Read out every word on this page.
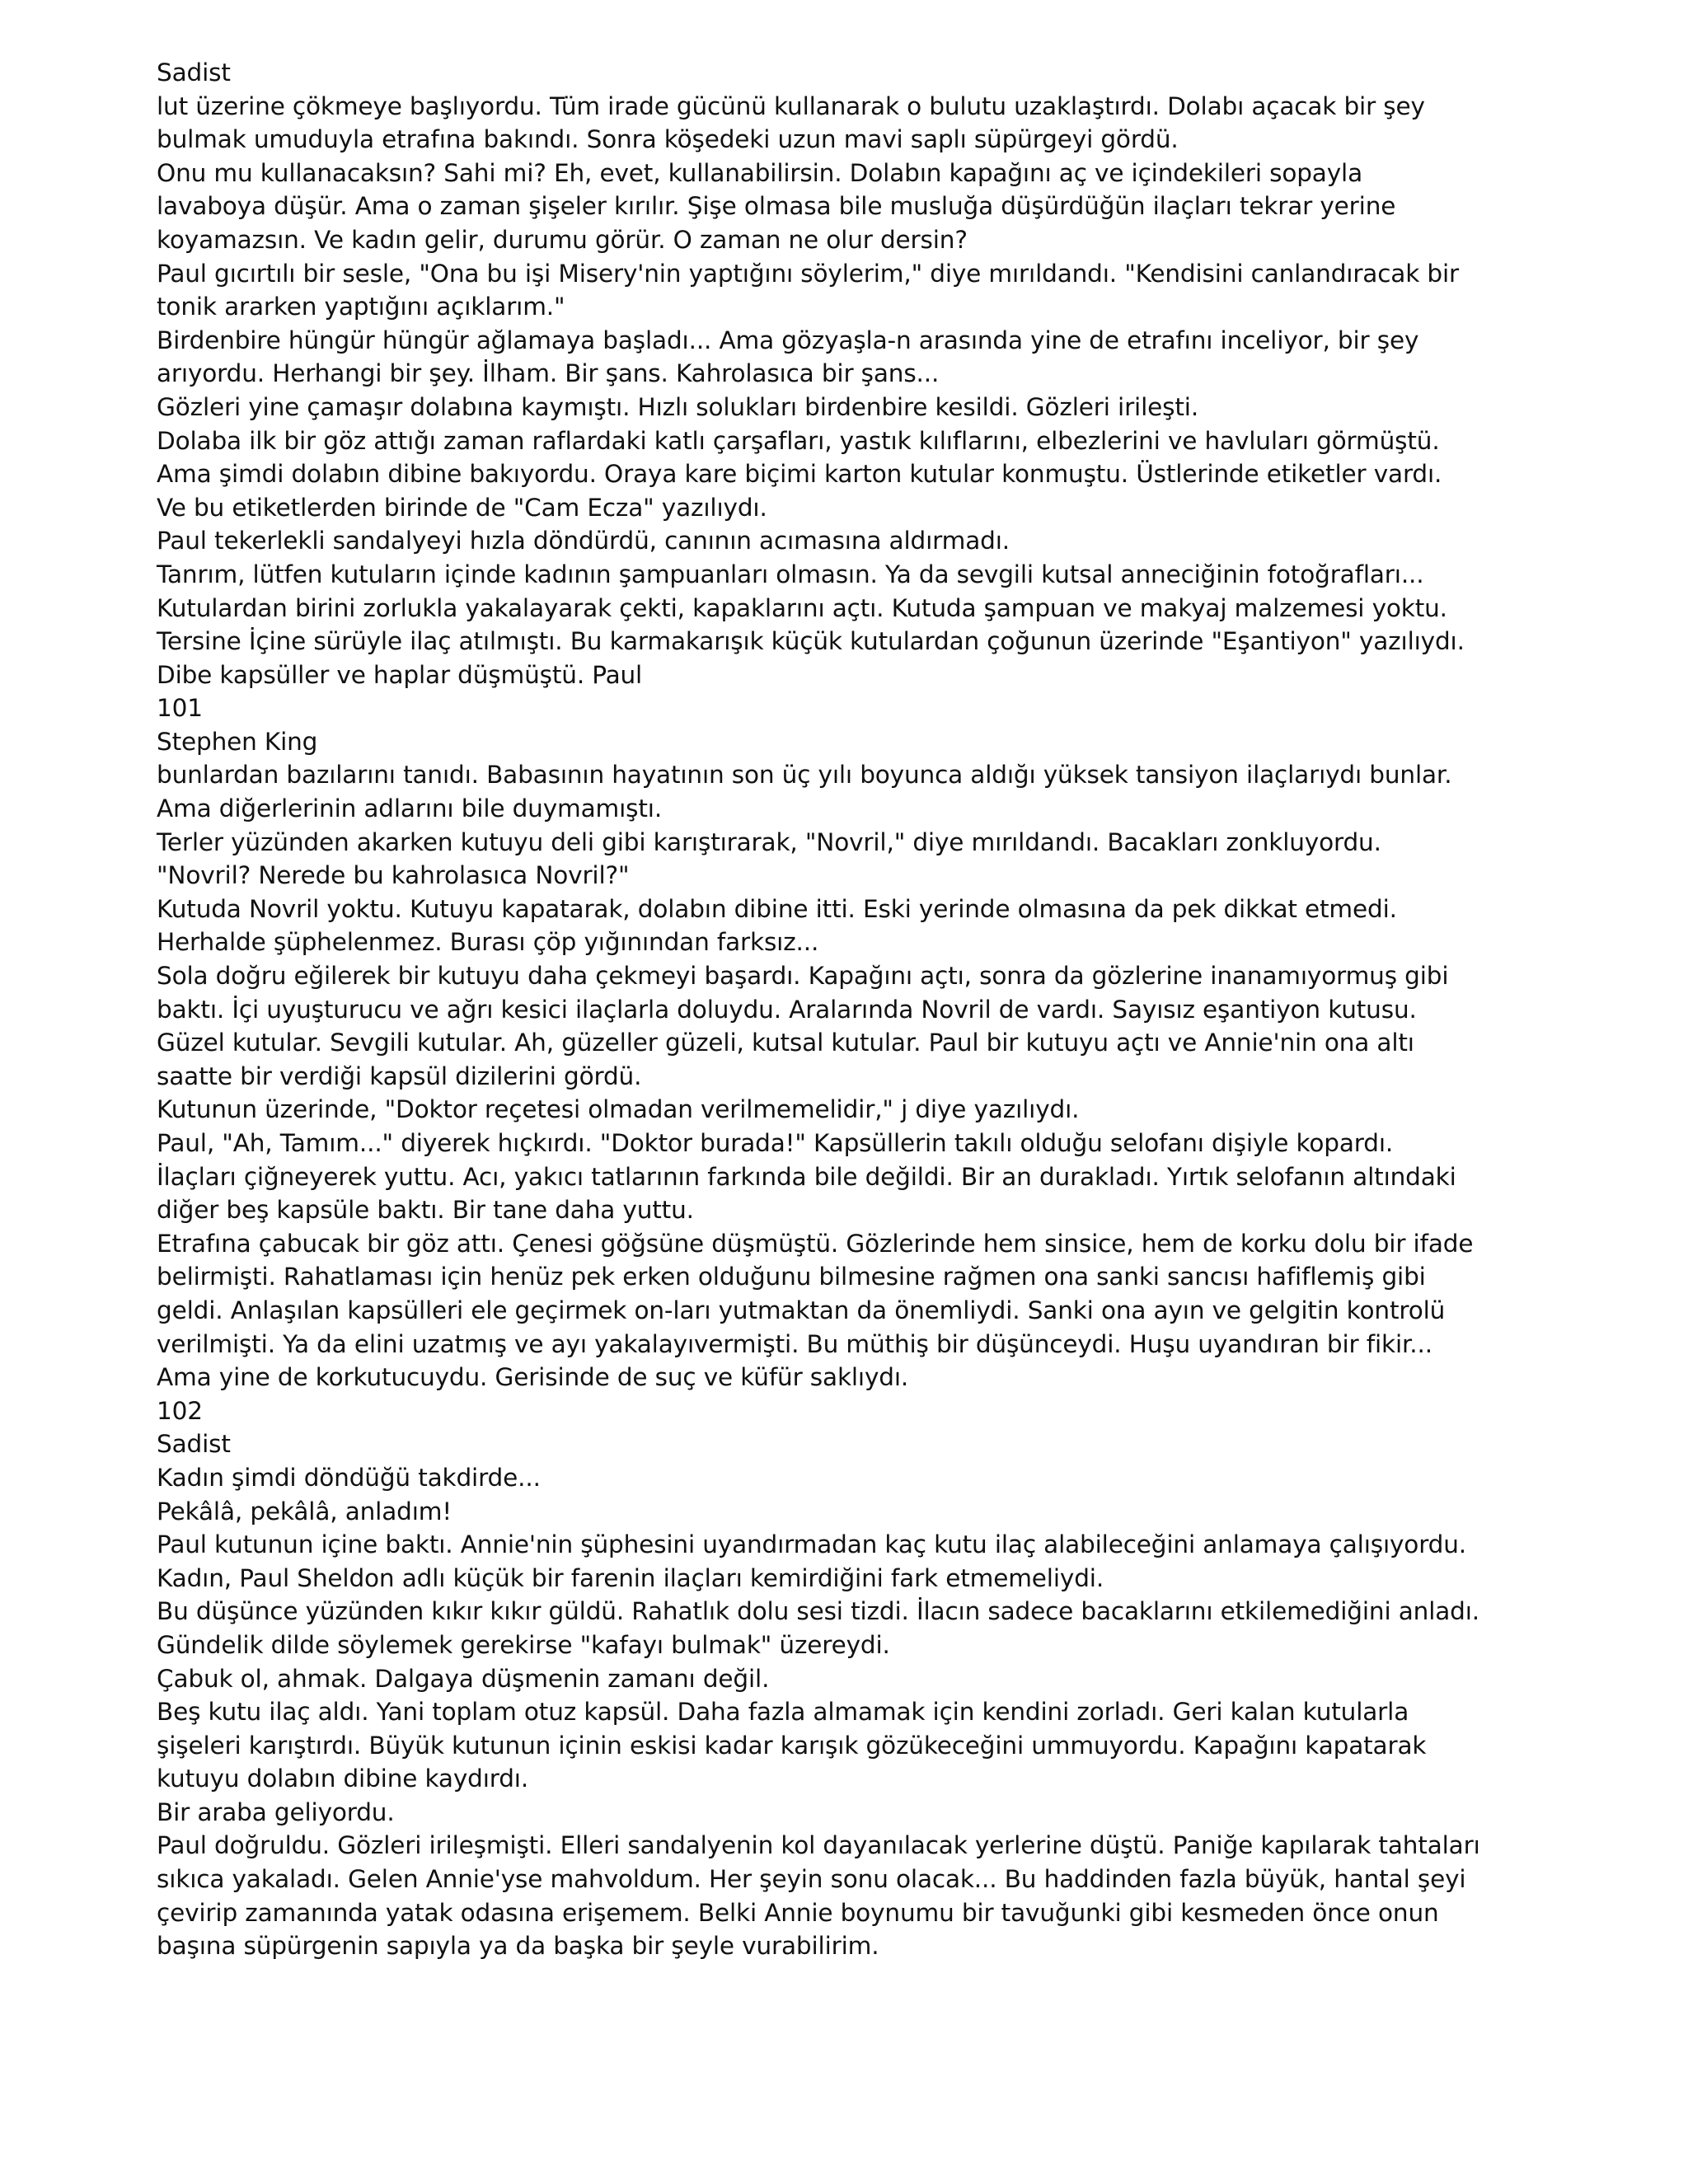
Sadist
lut üzerine çökmeye başlıyordu. Tüm irade gücünü kullanarak o bulutu uzaklaştırdı. Dolabı açacak bir şey
bulmak umuduyla etrafına bakındı. Sonra köşedeki uzun mavi saplı süpürgeyi gördü.
Onu mu kullanacaksın? Sahi mi? Eh, evet, kullanabilirsin. Dolabın kapağını aç ve içindekileri sopayla
lavaboya düşür. Ama o zaman şişeler kırılır. Şişe olmasa bile musluğa düşürdüğün ilaçları tekrar yerine
koyamazsın. Ve kadın gelir, durumu görür. O zaman ne olur dersin?
Paul gıcırtılı bir sesle, "Ona bu işi Misery'nin yaptığını söylerim," diye mırıldandı. "Kendisini canlandıracak bir
tonik ararken yaptığını açıklarım."
Birdenbire hüngür hüngür ağlamaya başladı... Ama gözyaşla-n arasında yine de etrafını inceliyor, bir şey
arıyordu. Herhangi bir şey. İlham. Bir şans. Kahrolasıca bir şans...
Gözleri yine çamaşır dolabına kaymıştı. Hızlı solukları birdenbire kesildi. Gözleri irileşti.
Dolaba ilk bir göz attığı zaman raflardaki katlı çarşafları, yastık kılıflarını, elbezlerini ve havluları görmüştü.
Ama şimdi dolabın dibine bakıyordu. Oraya kare biçimi karton kutular konmuştu. Üstlerinde etiketler vardı.
Ve bu etiketlerden birinde de "Cam Ecza" yazılıydı.
Paul tekerlekli sandalyeyi hızla döndürdü, canının acımasına aldırmadı.
Tanrım, lütfen kutuların içinde kadının şampuanları olmasın. Ya da sevgili kutsal anneciğinin fotoğrafları...
Kutulardan birini zorlukla yakalayarak çekti, kapaklarını açtı. Kutuda şampuan ve makyaj malzemesi yoktu.
Tersine İçine sürüyle ilaç atılmıştı. Bu karmakarışık küçük kutulardan çoğunun üzerinde "Eşantiyon" yazılıydı.
Dibe kapsüller ve haplar düşmüştü. Paul
101
Stephen King
bunlardan bazılarını tanıdı. Babasının hayatının son üç yılı boyunca aldığı yüksek tansiyon ilaçlarıydı bunlar.
Ama diğerlerinin adlarını bile duymamıştı.
Terler yüzünden akarken kutuyu deli gibi karıştırarak, "Novril," diye mırıldandı. Bacakları zonkluyordu.
"Novril? Nerede bu kahrolasıca Novril?"
Kutuda Novril yoktu. Kutuyu kapatarak, dolabın dibine itti. Eski yerinde olmasına da pek dikkat etmedi.
Herhalde şüphelenmez. Burası çöp yığınından farksız...
Sola doğru eğilerek bir kutuyu daha çekmeyi başardı. Kapağını açtı, sonra da gözlerine inanamıyormuş gibi
baktı. İçi uyuşturucu ve ağrı kesici ilaçlarla doluydu. Aralarında Novril de vardı. Sayısız eşantiyon kutusu.
Güzel kutular. Sevgili kutular. Ah, güzeller güzeli, kutsal kutular. Paul bir kutuyu açtı ve Annie'nin ona altı
saatte bir verdiği kapsül dizilerini gördü.
Kutunun üzerinde, "Doktor reçetesi olmadan verilmemelidir," j diye yazılıydı.
Paul, "Ah, Tamım..." diyerek hıçkırdı. "Doktor burada!" Kapsüllerin takılı olduğu selofanı dişiyle kopardı.
İlaçları çiğneyerek yuttu. Acı, yakıcı tatlarının farkında bile değildi. Bir an durakladı. Yırtık selofanın altındaki
diğer beş kapsüle baktı. Bir tane daha yuttu.
Etrafına çabucak bir göz attı. Çenesi göğsüne düşmüştü. Gözlerinde hem sinsice, hem de korku dolu bir ifade
belirmişti. Rahatlaması için henüz pek erken olduğunu bilmesine rağmen ona sanki sancısı hafiflemiş gibi
geldi. Anlaşılan kapsülleri ele geçirmek on-ları yutmaktan da önemliydi. Sanki ona ayın ve gelgitin kontrolü
verilmişti. Ya da elini uzatmış ve ayı yakalayıvermişti. Bu müthiş bir düşünceydi. Huşu uyandıran bir fikir...
Ama yine de korkutucuydu. Gerisinde de suç ve küfür saklıydı.
102
Sadist
Kadın şimdi döndüğü takdirde...
Pekâlâ, pekâlâ, anladım!
Paul kutunun içine baktı. Annie'nin şüphesini uyandırmadan kaç kutu ilaç alabileceğini anlamaya çalışıyordu.
Kadın, Paul Sheldon adlı küçük bir farenin ilaçları kemirdiğini fark etmemeliydi.
Bu düşünce yüzünden kıkır kıkır güldü. Rahatlık dolu sesi tizdi. İlacın sadece bacaklarını etkilemediğini anladı.
Gündelik dilde söylemek gerekirse "kafayı bulmak" üzereydi.
Çabuk ol, ahmak. Dalgaya düşmenin zamanı değil.
Beş kutu ilaç aldı. Yani toplam otuz kapsül. Daha fazla almamak için kendini zorladı. Geri kalan kutularla
şişeleri karıştırdı. Büyük kutunun içinin eskisi kadar karışık gözükeceğini ummuyordu. Kapağını kapatarak
kutuyu dolabın dibine kaydırdı.
Bir araba geliyordu.
Paul doğruldu. Gözleri irileşmişti. Elleri sandalyenin kol dayanılacak yerlerine düştü. Paniğe kapılarak tahtaları
sıkıca yakaladı. Gelen Annie'yse mahvoldum. Her şeyin sonu olacak... Bu haddinden fazla büyük, hantal şeyi
çevirip zamanında yatak odasına erişemem. Belki Annie boynumu bir tavuğunki gibi kesmeden önce onun
başına süpürgenin sapıyla ya da başka bir şeyle vurabilirim.
